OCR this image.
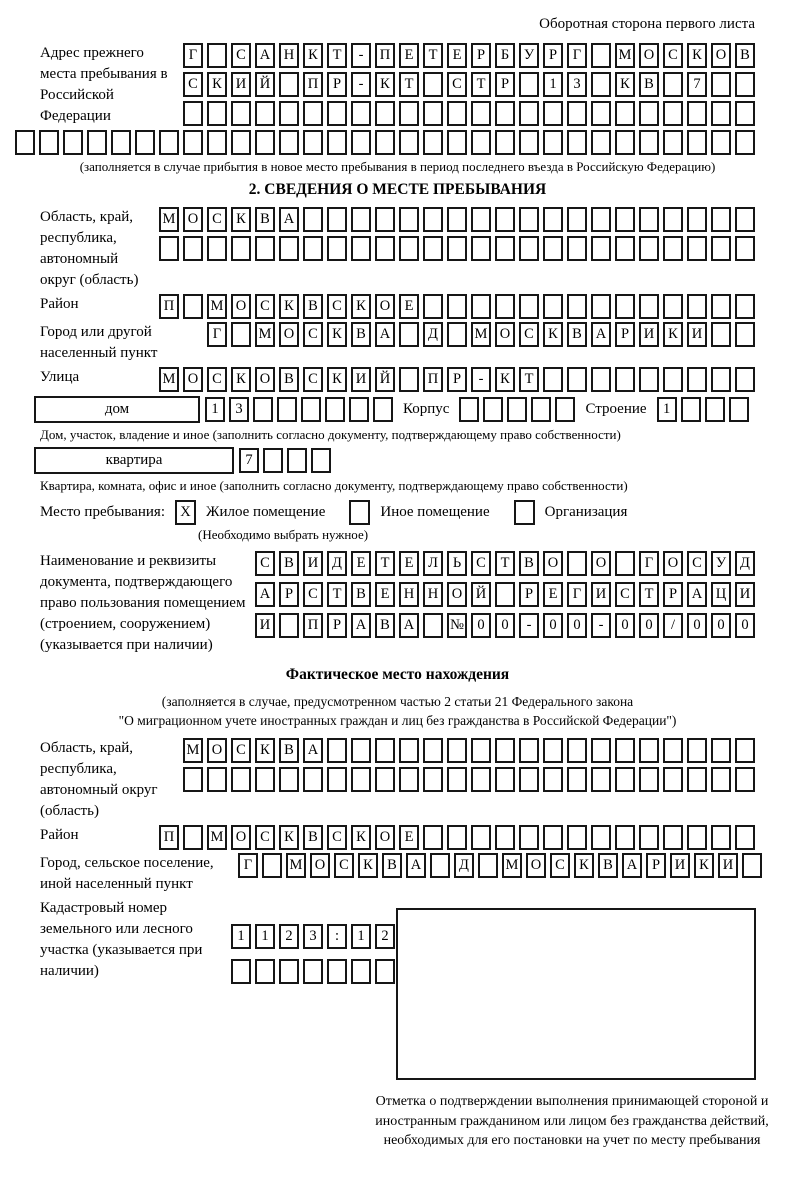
Оборотная сторона первого листа
Адрес прежнего места пребывания в Российской Федерации
Г	С А Н К	Т	-	П Е	Т	Е	Р	Б	У	Р	Г	М О С К О В
С К И Й	П	Р	-	К	Т	С	Т	Р	1	3	К В	7
(заполняется в случае прибытия в новое место пребывания в период последнего въезда в Российскую Федерацию)
2. СВЕДЕНИЯ О МЕСТЕ ПРЕБЫВАНИЯ
Область, край, республика, автономный округ (область)
М О С К В А
Район	П	М О С К В С К О Е
Город или другой населенный пункт
Г	М О С К В А	Д	М О С К В А	Р	И К И
Улица	М О С К О В С К И Й	П	Р	-	К	Т
дом	1	3	Корпус	Строение	1
Дом, участок, владение и иное (заполнить согласно документу, подтверждающему право собственности)
квартира	7
Квартира, комната, офис и иное (заполнить согласно документу, подтверждающему право собственности)
Место пребывания:	X	Жилое помещение	Иное помещение	Организация
(Необходимо выбрать нужное)
Наименование и реквизиты документа, подтверждающего право пользования помещением (строением, сооружением) (указывается при наличии)
С В И Д	Е	Т	Е	Л	Ь	С	Т	В О	О	Г	О С У Д
А	Р	С	Т	В	Е Н Н О Й	Р	Е	Г	И С	Т	Р	А Ц И
И	П	Р	А В А	№ 0	0	-	0	0	-	0	0	/	0	0	0
Фактическое место нахождения
(заполняется в случае, предусмотренном частью 2 статьи 21 Федерального закона
"О миграционном учете иностранных граждан и лиц без гражданства в Российской Федерации")
Область, край, республика, автономный округ (область)
М О С К В А
Район	П	М О С К В С К О Е
Город, сельское поселение, иной населенный пункт
Г	М О С К В А	Д	М О С К В А	Р	И К И
Кадастровый номер земельного или лесного участка (указывается при наличии)
1	1	2	3	:	1	2
Отметка о подтверждении выполнения принимающей стороной и иностранным гражданином или лицом без гражданства действий, необходимых для его постановки на учет по месту пребывания
